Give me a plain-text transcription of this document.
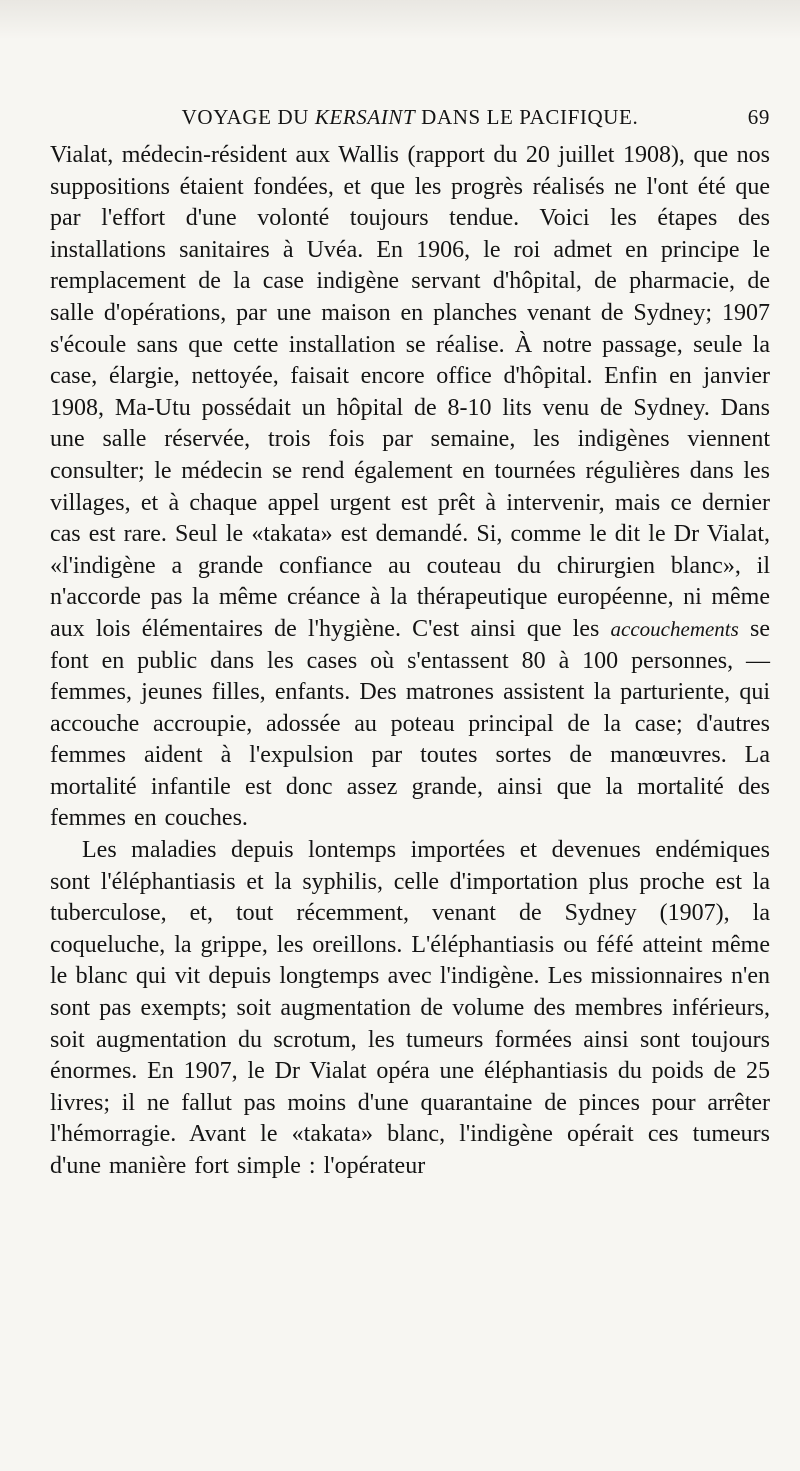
VOYAGE DU KERSAINT DANS LE PACIFIQUE.	69

Vialat, médecin-résident aux Wallis (rapport du 20 juillet 1908), que nos suppositions étaient fondées, et que les progrès réalisés ne l'ont été que par l'effort d'une volonté toujours tendue. Voici les étapes des installations sanitaires à Uvéa. En 1906, le roi admet en principe le remplacement de la case indigène servant d'hôpital, de pharmacie, de salle d'opérations, par une maison en planches venant de Sydney; 1907 s'écoule sans que cette installation se réalise. À notre passage, seule la case, élargie, nettoyée, faisait encore office d'hôpital. Enfin en janvier 1908, Ma-Utu possédait un hôpital de 8-10 lits venu de Sydney. Dans une salle réservée, trois fois par semaine, les indigènes viennent consulter; le médecin se rend également en tournées régulières dans les villages, et à chaque appel urgent est prêt à intervenir, mais ce dernier cas est rare. Seul le «takata» est demandé. Si, comme le dit le Dr Vialat, «l'indigène a grande confiance au couteau du chirurgien blanc», il n'accorde pas la même créance à la thérapeutique européenne, ni même aux lois élémentaires de l'hygiène. C'est ainsi que les accouchements se font en public dans les cases où s'entassent 80 à 100 personnes, — femmes, jeunes filles, enfants. Des matrones assistent la parturiente, qui accouche accroupie, adossée au poteau principal de la case; d'autres femmes aident à l'expulsion par toutes sortes de manœuvres. La mortalité infantile est donc assez grande, ainsi que la mortalité des femmes en couches.

Les maladies depuis lontemps importées et devenues endémiques sont l'éléphantiasis et la syphilis, celle d'importation plus proche est la tuberculose, et, tout récemment, venant de Sydney (1907), la coqueluche, la grippe, les oreillons. L'éléphantiasis ou féfé atteint même le blanc qui vit depuis longtemps avec l'indigène. Les missionnaires n'en sont pas exempts; soit augmentation de volume des membres inférieurs, soit augmentation du scrotum, les tumeurs formées ainsi sont toujours énormes. En 1907, le Dr Vialat opéra une éléphantiasis du poids de 25 livres; il ne fallut pas moins d'une quarantaine de pinces pour arrêter l'hémorragie. Avant le «takata» blanc, l'indigène opérait ces tumeurs d'une manière fort simple : l'opérateur
